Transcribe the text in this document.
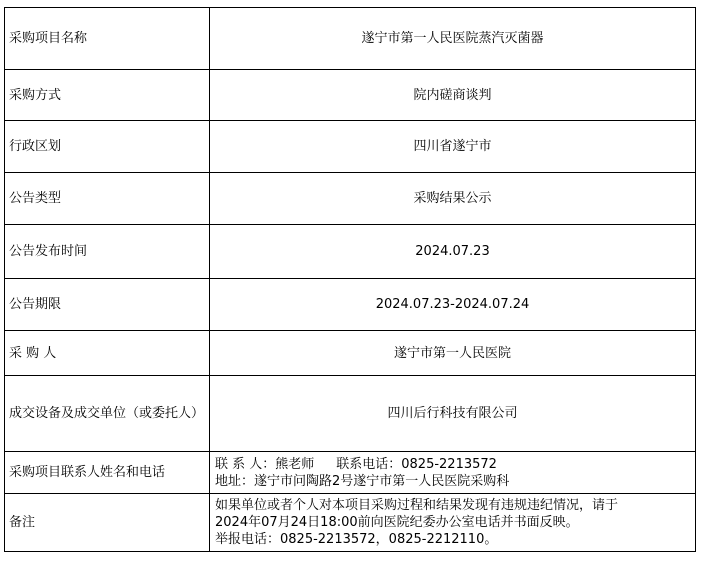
采购项目名称	遂宁市第一人民医院蒸汽灭菌器
采购方式	院内磋商谈判
行政区划	四川省遂宁市
公告类型	采购结果公示
公告发布时间	2024.07.23
公告期限	2024.07.23-2024.07.24
采 购 人	遂宁市第一人民医院
成交设备及成交单位（或委托人）	四川后行科技有限公司
采购项目联系人姓名和电话	联 系 人：熊老师 联系电话：0825-2213572
地址：遂宁市问陶路2号遂宁市第一人民医院采购科

备注	如果单位或者个人对本项目采购过程和结果发现有违规违纪情况，请于
2024年07月24日18:00前向医院纪委办公室电话并书面反映。
举报电话：0825-2213572，0825-2212110。
